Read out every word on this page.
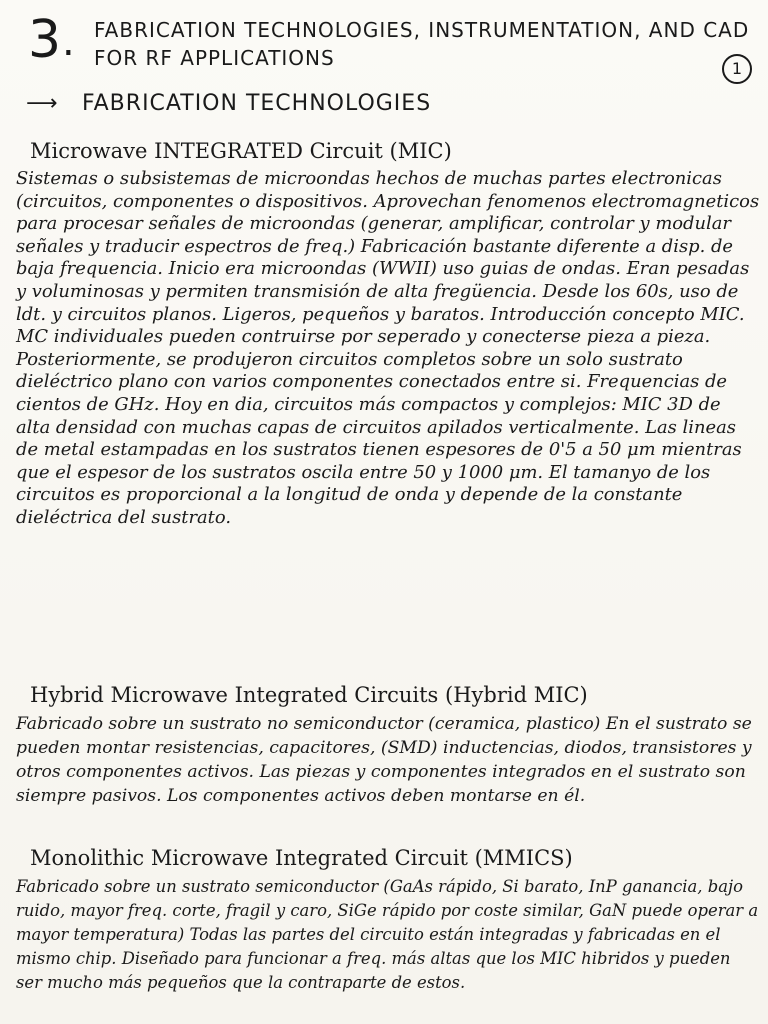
3 . FABRICATION TECHNOLOGIES, INSTRUMENTATION, AND CAD FOR RF APPLICATIONS	1
⟶ FABRICATION TECHNOLOGIES
Microwave INTEGRATED Circuit (MIC)
Sistemas o subsistemas de microondas hechos de muchas partes electronicas (circuitos, componentes o dispositivos. Aprovechan fenomenos electromagneticos para procesar señales de microondas (generar, amplificar, controlar y modular señales y traducir espectros de freq.) Fabricación bastante diferente a disp. de baja frequencia. Inicio era microondas (WWII) uso guias de ondas. Eran pesadas y voluminosas y permiten transmisión de alta fregüencia. Desde los 60s, uso de ldt. y circuitos planos. Ligeros, pequeños y baratos. Introducción concepto MIC. MC individuales pueden contruirse por seperado y conecterse pieza a pieza. Posteriormente, se produjeron circuitos completos sobre un solo sustrato dieléctrico plano con varios componentes conectados entre si. Frequencias de cientos de GHz. Hoy en dia, circuitos más compactos y complejos: MIC 3D de alta densidad con muchas capas de circuitos apilados verticalmente. Las lineas de metal estampadas en los sustratos tienen espesores de 0'5 a 50 μm mientras que el espesor de los sustratos oscila entre 50 y 1000 μm. El tamanyo de los circuitos es proporcional a la longitud de onda y depende de la constante dieléctrica del sustrato.
Hybrid Microwave Integrated Circuits (Hybrid MIC)
Fabricado sobre un sustrato no semiconductor (ceramica, plastico) En el sustrato se pueden montar resistencias, capacitores, (SMD) inductencias, diodos, transistores y otros componentes activos. Las piezas y componentes integrados en el sustrato son siempre pasivos. Los componentes activos deben montarse en él.
Monolithic Microwave Integrated Circuit (MMICS)
Fabricado sobre un sustrato semiconductor (GaAs rápido, Si barato, InP ganancia, bajo ruido, mayor freq. corte, fragil y caro, SiGe rápido por coste similar, GaN puede operar a mayor temperatura) Todas las partes del circuito están integradas y fabricadas en el mismo chip. Diseñado para funcionar a freq. más altas que los MIC hibridos y pueden ser mucho más pequeños que la contraparte de estos.
